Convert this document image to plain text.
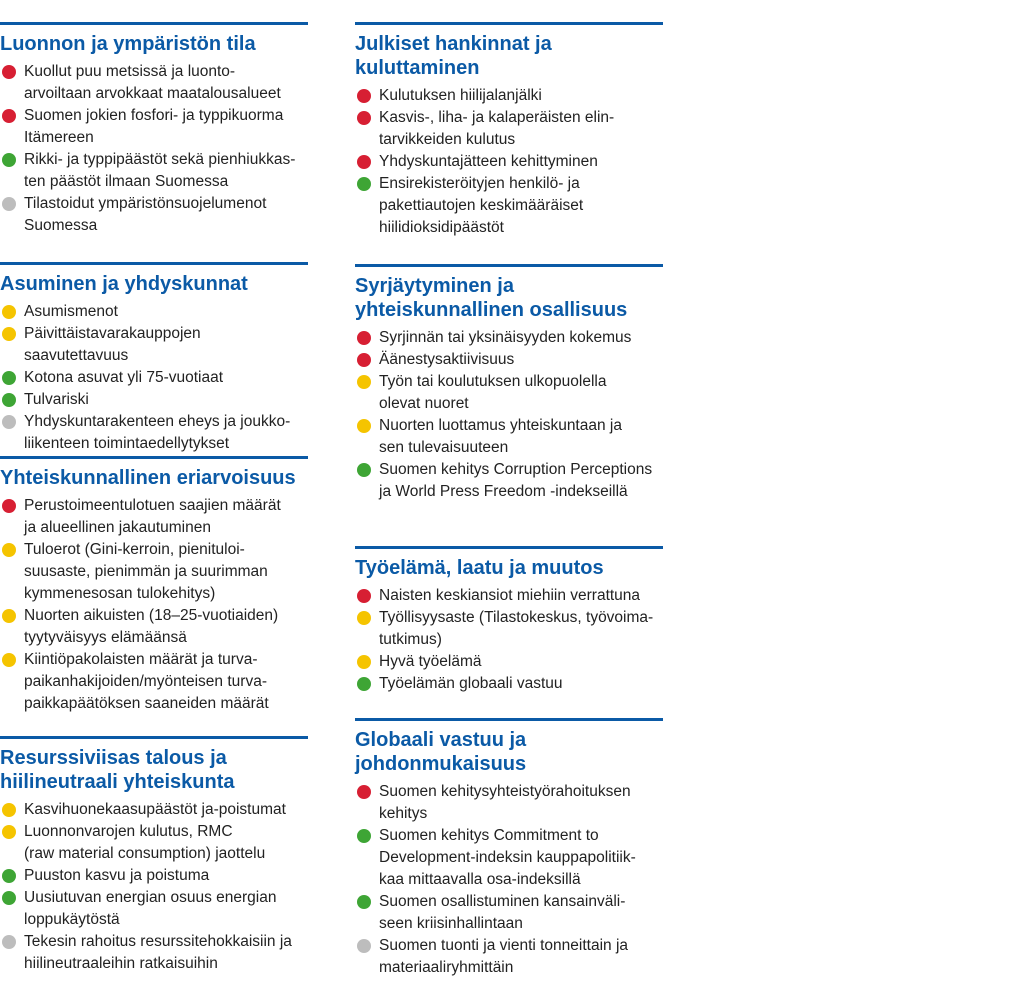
Luonnon ja ympäristön tila
Kuollut puu metsissä ja luonto-
arvoiltaan arvokkaat maatalousalueet
Suomen jokien fosfori- ja typpikuorma
Itämereen
Rikki- ja typpipäästöt sekä pienhiukkas-
ten päästöt ilmaan Suomessa
Tilastoidut ympäristönsuojelumenot
Suomessa
Asuminen ja yhdyskunnat
Asumismenot
Päivittäistavarakauppojen saavutettavuus
Kotona asuvat yli 75-vuotiaat
Tulvariski
Yhdyskuntarakenteen eheys ja joukko-
liikenteen toimintaedellytykset
Yhteiskunnallinen eriarvoisuus
Perustoimeentulotuen saajien määrät
ja alueellinen jakautuminen
Tuloerot (Gini-kerroin, pienituloi-
suusaste, pienimmän ja suurimman
kymmenesosan tulokehitys)
Nuorten aikuisten (18–25-vuotiaiden)
tyytyväisyys elämäänsä
Kiintiöpakolaisten määrät ja turva-
paikanhakijoiden/myönteisen turva-
paikkapäätöksen saaneiden määrät
Resurssiviisas talous ja
hiilineutraali yhteiskunta
Kasvihuonekaasupäästöt ja-poistumat
Luonnonvarojen kulutus, RMC
(raw material consumption) jaottelu
Puuston kasvu ja poistuma
Uusiutuvan energian osuus energian
loppukäytöstä
Tekesin rahoitus resurssitehokkaisiin ja
hiilineutraaleihin ratkaisuihin
Julkiset hankinnat ja
kuluttaminen
Kulutuksen hiilijalanjälki
Kasvis-, liha- ja kalaperäisten elin-
tarvikkeiden kulutus
Yhdyskuntajätteen kehittyminen
Ensirekisteröityjen henkilö- ja
pakettiautojen keskimääräiset
hiilidioksidipäästöt
Syrjäytyminen ja
yhteiskunnallinen osallisuus
Syrjinnän tai yksinäisyyden kokemus
Äänestysaktiivisuus
Työn tai koulutuksen ulkopuolella
olevat nuoret
Nuorten luottamus yhteiskuntaan ja
sen tulevaisuuteen
Suomen kehitys Corruption Perceptions
ja World Press Freedom -indekseillä
Työelämä, laatu ja muutos
Naisten keskiansiot miehiin verrattuna
Työllisyysaste (Tilastokeskus, työvoima-
tutkimus)
Hyvä työelämä
Työelämän globaali vastuu
Globaali vastuu ja
johdonmukaisuus
Suomen kehitysyhteistyörahoituksen
kehitys
Suomen kehitys Commitment to
Development-indeksin kauppapolitiik-
kaa mittaavalla osa-indeksillä
Suomen osallistuminen kansainväli-
seen kriisinhallintaan
Suomen tuonti ja vienti tonneittain ja
materiaaliryhmittäin
